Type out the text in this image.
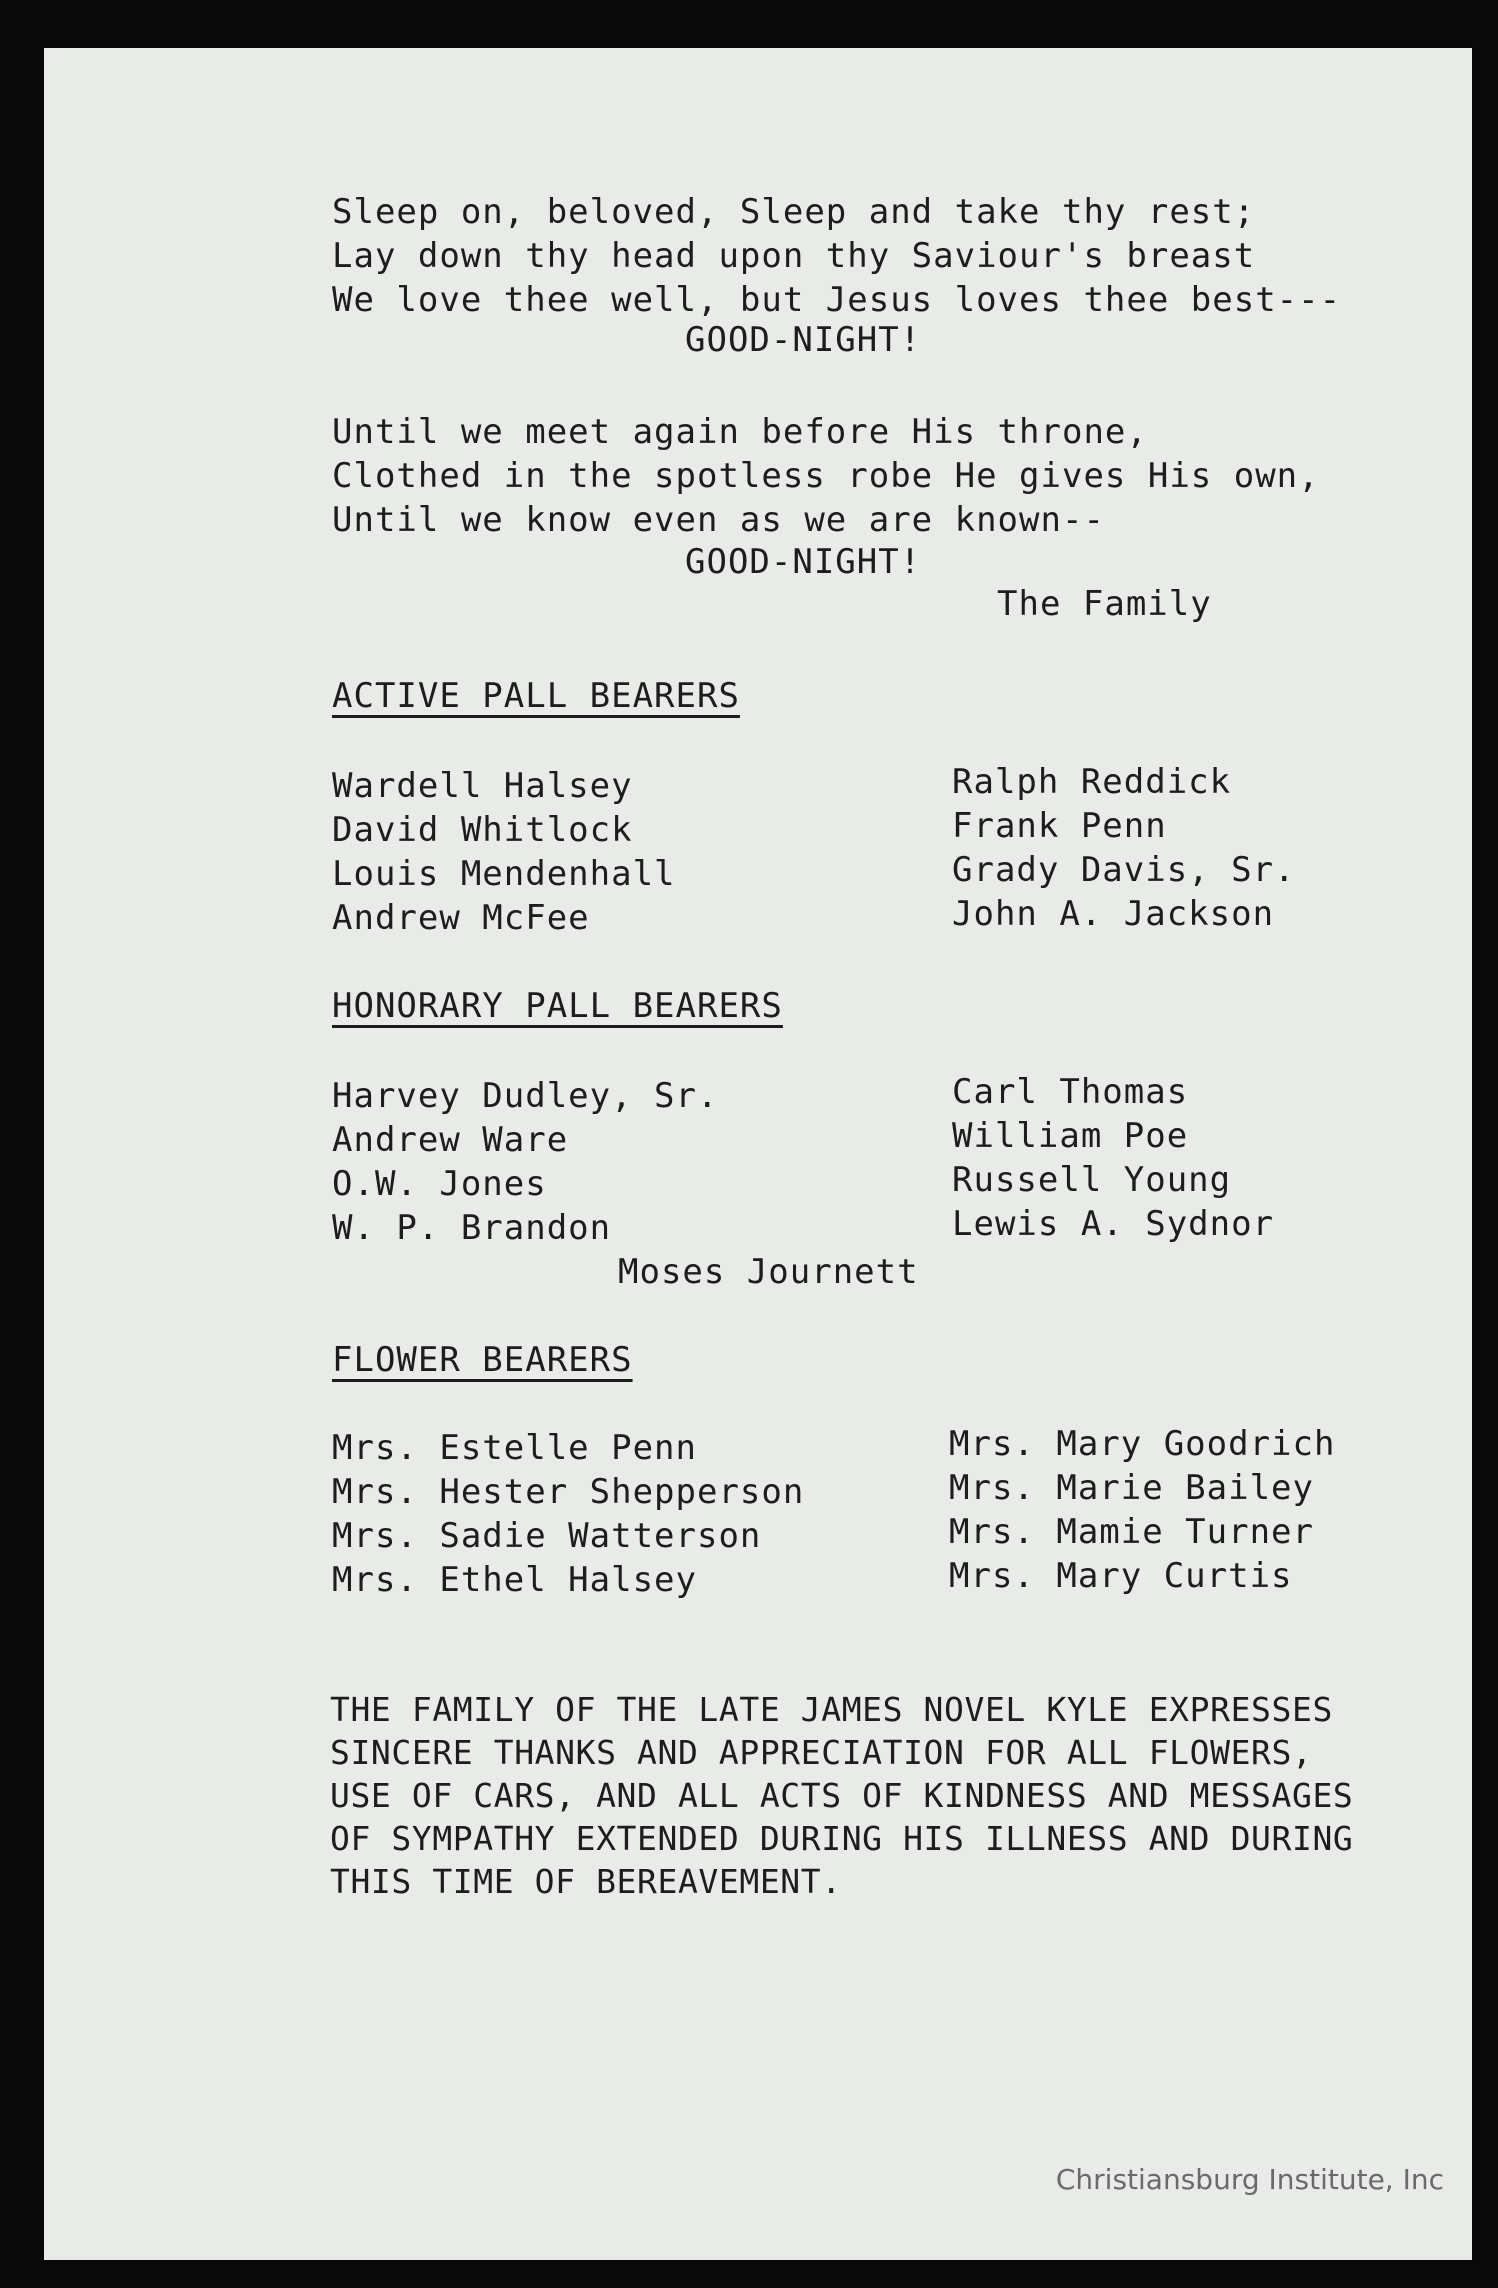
Sleep on, beloved, Sleep and take thy rest;
Lay down thy head upon thy Saviour's breast
We love thee well, but Jesus loves thee best---
GOOD-NIGHT!
Until we meet again before His throne,
Clothed in the spotless robe He gives His own,
Until we know even as we are known--
GOOD-NIGHT!
The Family
ACTIVE PALL BEARERS
Wardell Halsey
David Whitlock
Louis Mendenhall
Andrew McFee
Ralph Reddick
Frank Penn
Grady Davis, Sr.
John A. Jackson
HONORARY PALL BEARERS
Harvey Dudley, Sr.
Andrew Ware
O.W. Jones
W. P. Brandon
Carl Thomas
William Poe
Russell Young
Lewis A. Sydnor
Moses Journett
FLOWER BEARERS
Mrs. Estelle Penn
Mrs. Hester Shepperson
Mrs. Sadie Watterson
Mrs. Ethel Halsey
Mrs. Mary Goodrich
Mrs. Marie Bailey
Mrs. Mamie Turner
Mrs. Mary Curtis
THE FAMILY OF THE LATE JAMES NOVEL KYLE EXPRESSES
SINCERE THANKS AND APPRECIATION FOR ALL FLOWERS,
USE OF CARS, AND ALL ACTS OF KINDNESS AND MESSAGES
OF SYMPATHY EXTENDED DURING HIS ILLNESS AND DURING
THIS TIME OF BEREAVEMENT.
Christiansburg Institute, Inc
